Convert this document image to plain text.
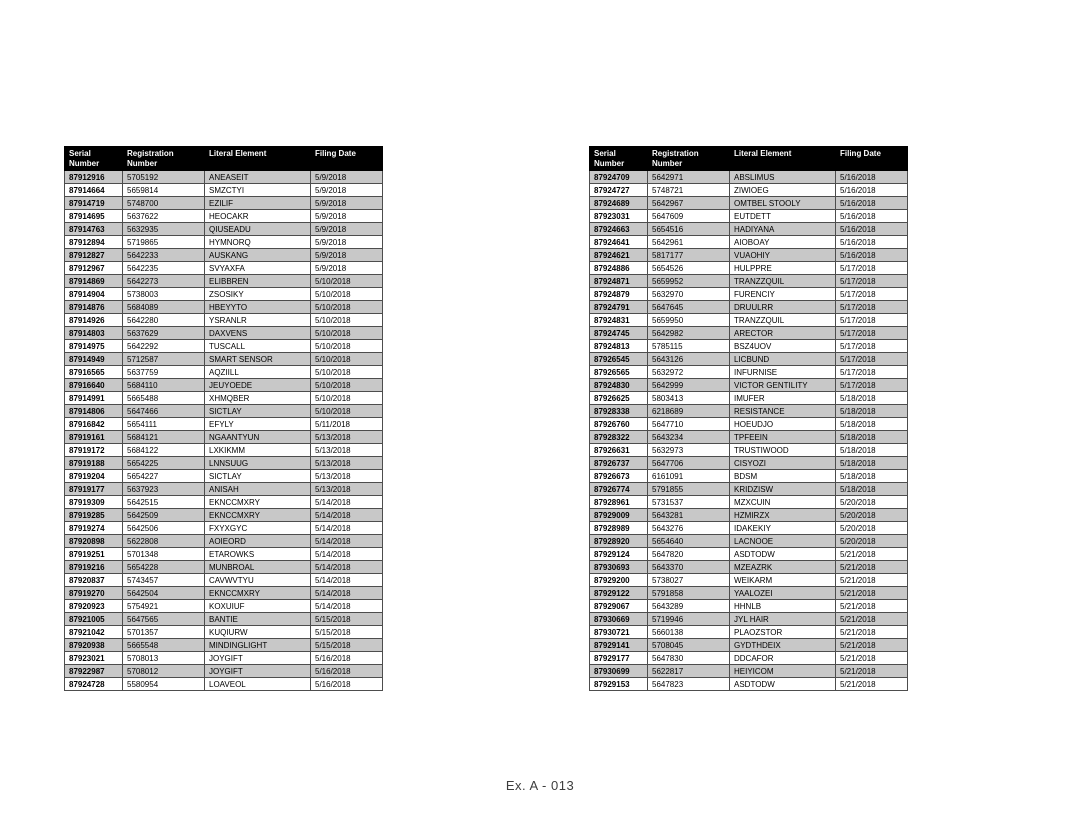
Serial Number	Registration Number	Literal Element	Filing Date
87912916	5705192	ANEASEIT	5/9/2018
87914664	5659814	SMZCTYI	5/9/2018
87914719	5748700	EZILIF	5/9/2018
87914695	5637622	HEOCAKR	5/9/2018
87914763	5632935	QIUSEADU	5/9/2018
87912894	5719865	HYMNORQ	5/9/2018
87912827	5642233	AUSKANG	5/9/2018
87912967	5642235	SVYAXFA	5/9/2018
87914869	5642273	ELIBBREN	5/10/2018
87914904	5738003	ZSOSIKY	5/10/2018
87914876	5684089	HBEYYTO	5/10/2018
87914926	5642280	YSRANLR	5/10/2018
87914803	5637629	DAXVENS	5/10/2018
87914975	5642292	TUSCALL	5/10/2018
87914949	5712587	SMART SENSOR	5/10/2018
87916565	5637759	AQZIILL	5/10/2018
87916640	5684110	JEUYOEDE	5/10/2018
87914991	5665488	XHMQBER	5/10/2018
87914806	5647466	SICTLAY	5/10/2018
87916842	5654111	EFYLY	5/11/2018
87919161	5684121	NGAANTYUN	5/13/2018
87919172	5684122	LXKIKMM	5/13/2018
87919188	5654225	LNNSUUG	5/13/2018
87919204	5654227	SICTLAY	5/13/2018
87919177	5637923	ANISAH	5/13/2018
87919309	5642515	EKNCCMXRY	5/14/2018
87919285	5642509	EKNCCMXRY	5/14/2018
87919274	5642506	FXYXGYC	5/14/2018
87920898	5622808	AOIEORD	5/14/2018
87919251	5701348	ETAROWKS	5/14/2018
87919216	5654228	MUNBROAL	5/14/2018
87920837	5743457	CAVWVTYU	5/14/2018
87919270	5642504	EKNCCMXRY	5/14/2018
87920923	5754921	KOXUIUF	5/14/2018
87921005	5647565	BANTIE	5/15/2018
87921042	5701357	KUQIURW	5/15/2018
87920938	5665548	MINDINGLIGHT	5/15/2018
87923021	5708013	JOYGIFT	5/16/2018
87922987	5708012	JOYGIFT	5/16/2018
87924728	5580954	LOAVEOL	5/16/2018
Serial Number	Registration Number	Literal Element	Filing Date
87924709	5642971	ABSLIMUS	5/16/2018
87924727	5748721	ZIWIOEG	5/16/2018
87924689	5642967	OMTBEL STOOLY	5/16/2018
87923031	5647609	EUTDETT	5/16/2018
87924663	5654516	HADIYANA	5/16/2018
87924641	5642961	AIOBOAY	5/16/2018
87924621	5817177	VUAOHIY	5/16/2018
87924886	5654526	HULPPRE	5/17/2018
87924871	5659952	TRANZZQUIL	5/17/2018
87924879	5632970	FURENCIY	5/17/2018
87924791	5647645	DRUULRR	5/17/2018
87924831	5659950	TRANZZQUIL	5/17/2018
87924745	5642982	ARECTOR	5/17/2018
87924813	5785115	BSZ4UOV	5/17/2018
87926545	5643126	LICBUND	5/17/2018
87926565	5632972	INFURNISE	5/17/2018
87924830	5642999	VICTOR GENTILITY	5/17/2018
87926625	5803413	IMUFER	5/18/2018
87928338	6218689	RESISTANCE	5/18/2018
87926760	5647710	HOEUDJO	5/18/2018
87928322	5643234	TPFEEIN	5/18/2018
87926631	5632973	TRUSTIWOOD	5/18/2018
87926737	5647706	CISYOZI	5/18/2018
87926673	6161091	BDSM	5/18/2018
87926774	5791855	KRIDZISW	5/18/2018
87928961	5731537	MZXCUIN	5/20/2018
87929009	5643281	HZMIRZX	5/20/2018
87928989	5643276	IDAKEKIY	5/20/2018
87928920	5654640	LACNOOE	5/20/2018
87929124	5647820	ASDTODW	5/21/2018
87930693	5643370	MZEAZRK	5/21/2018
87929200	5738027	WEIKARM	5/21/2018
87929122	5791858	YAALOZEI	5/21/2018
87929067	5643289	HHNLB	5/21/2018
87930669	5719946	JYL HAIR	5/21/2018
87930721	5660138	PLAOZSTOR	5/21/2018
87929141	5708045	GYDTHDEIX	5/21/2018
87929177	5647830	DDCAFOR	5/21/2018
87930699	5622817	HEIYICOM	5/21/2018
87929153	5647823	ASDTODW	5/21/2018
Ex. A - 013
